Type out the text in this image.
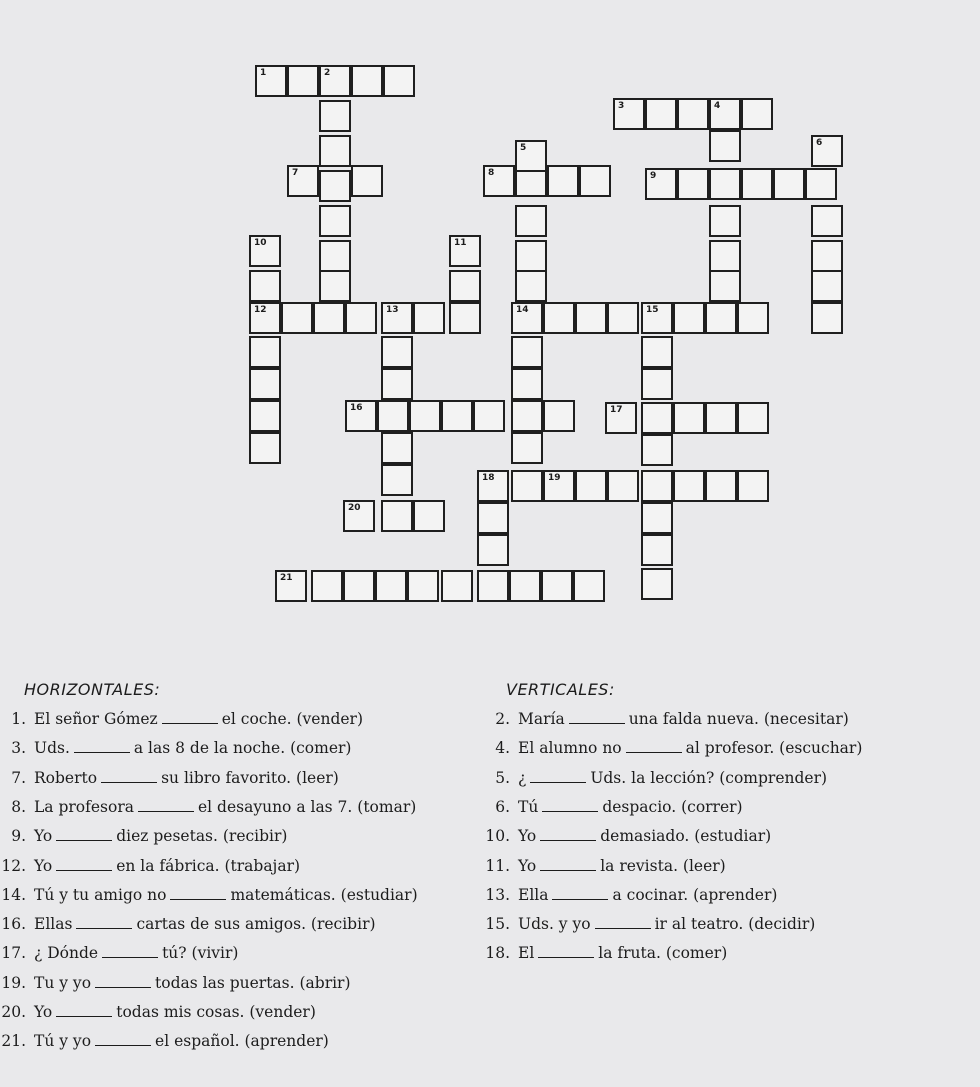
1	2
7	8
5
3	4
9
6
10	11
12	13	14	15
16	17
18	19
20
21
HORIZONTALES:	VERTICALES:
1. El señor Gómez	el coche. (vender)
3. Uds.	a las 8 de la noche. (comer)
7. Roberto	su libro favorito. (leer)
8. La profesora	el desayuno a las 7. (tomar)
9. Yo	diez pesetas. (recibir)
12. Yo	en la fábrica. (trabajar)
14. Tú y tu amigo no	matemáticas. (estudiar)
16. Ellas	cartas de sus amigos. (recibir)
17. ¿ Dónde	tú? (vivir)
19. Tu y yo	todas las puertas. (abrir)
20. Yo	todas mis cosas. (vender)
21. Tú y yo	el español. (aprender)
2. María	una falda nueva. (necesitar)
4. El alumno no	al profesor. (escuchar)
5. ¿	Uds. la lección? (comprender)
6. Tú	despacio. (correr)
10. Yo	demasiado. (estudiar)
11. Yo	la revista. (leer)
13. Ella	a cocinar. (aprender)
15. Uds. y yo	ir al teatro. (decidir)
18. El	la fruta. (comer)
